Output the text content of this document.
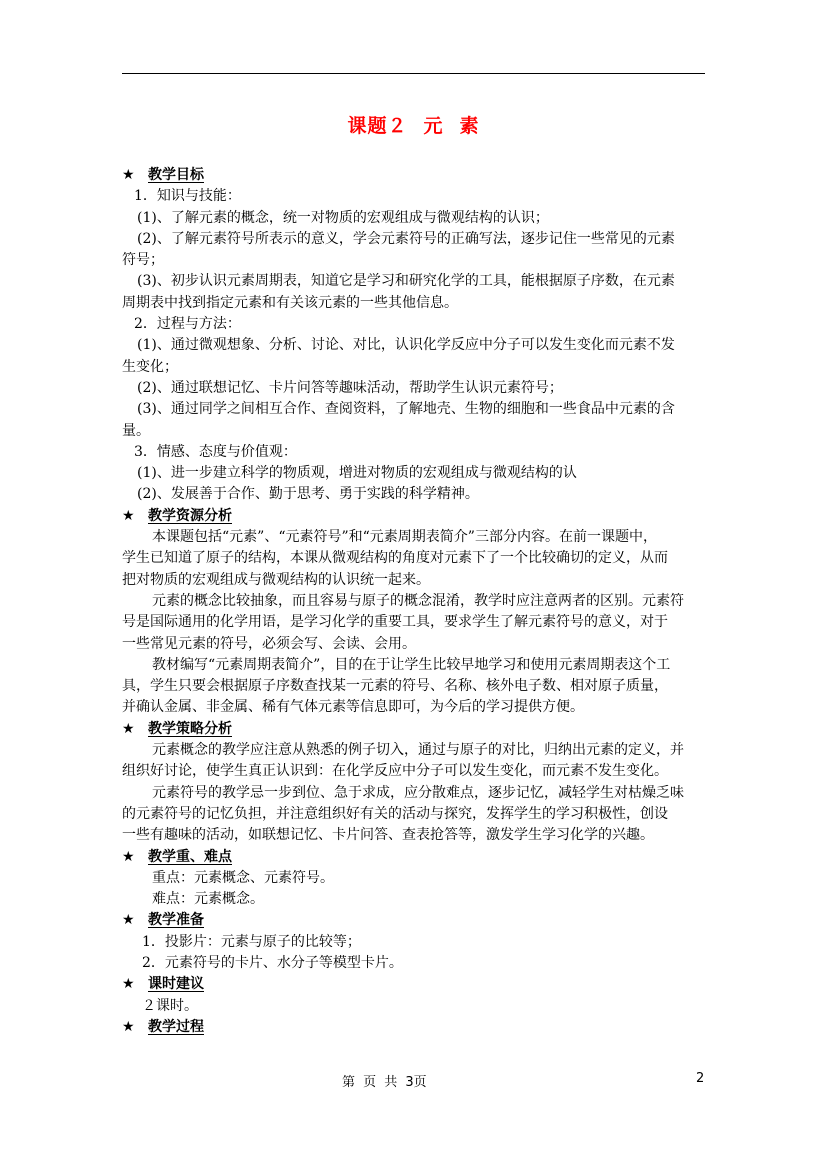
课题２ 元 素
★ 教学目标
1．知识与技能：
(1)、了解元素的概念，统一对物质的宏观组成与微观结构的认识；
(2)、了解元素符号所表示的意义，学会元素符号的正确写法，逐步记住一些常见的元素
符号；
(3)、初步认识元素周期表，知道它是学习和研究化学的工具，能根据原子序数，在元素
周期表中找到指定元素和有关该元素的一些其他信息。
2．过程与方法：
(1)、通过微观想象、分析、讨论、对比，认识化学反应中分子可以发生变化而元素不发
生变化；
(2)、通过联想记忆、卡片问答等趣味活动，帮助学生认识元素符号；
(3)、通过同学之间相互合作、查阅资料，了解地壳、生物的细胞和一些食品中元素的含
量。
3．情感、态度与价值观：
(1)、进一步建立科学的物质观，增进对物质的宏观组成与微观结构的认
(2)、发展善于合作、勤于思考、勇于实践的科学精神。
★ 教学资源分析
本课题包括“元素”、“元素符号”和“元素周期表简介”三部分内容。在前一课题中，
学生已知道了原子的结构，本课从微观结构的角度对元素下了一个比较确切的定义，从而
把对物质的宏观组成与微观结构的认识统一起来。
元素的概念比较抽象，而且容易与原子的概念混淆，教学时应注意两者的区别。元素符
号是国际通用的化学用语，是学习化学的重要工具，要求学生了解元素符号的意义，对于
一些常见元素的符号，必须会写、会读、会用。
教材编写“元素周期表简介”，目的在于让学生比较早地学习和使用元素周期表这个工
具，学生只要会根据原子序数查找某一元素的符号、名称、核外电子数、相对原子质量，
并确认金属、非金属、稀有气体元素等信息即可，为今后的学习提供方便。
★ 教学策略分析
元素概念的教学应注意从熟悉的例子切入，通过与原子的对比，归纳出元素的定义，并
组织好讨论，使学生真正认识到：在化学反应中分子可以发生变化，而元素不发生变化。
元素符号的教学忌一步到位、急于求成，应分散难点，逐步记忆，减轻学生对枯燥乏味
的元素符号的记忆负担，并注意组织好有关的活动与探究，发挥学生的学习积极性，创设
一些有趣味的活动，如联想记忆、卡片问答、查表抢答等，激发学生学习化学的兴趣。
★ 教学重、难点
重点：元素概念、元素符号。
难点：元素概念。
★ 教学准备
1．投影片：元素与原子的比较等；
2．元素符号的卡片、水分子等模型卡片。
★ 课时建议
２课时。
★ 教学过程
第 页 共 3页	2
